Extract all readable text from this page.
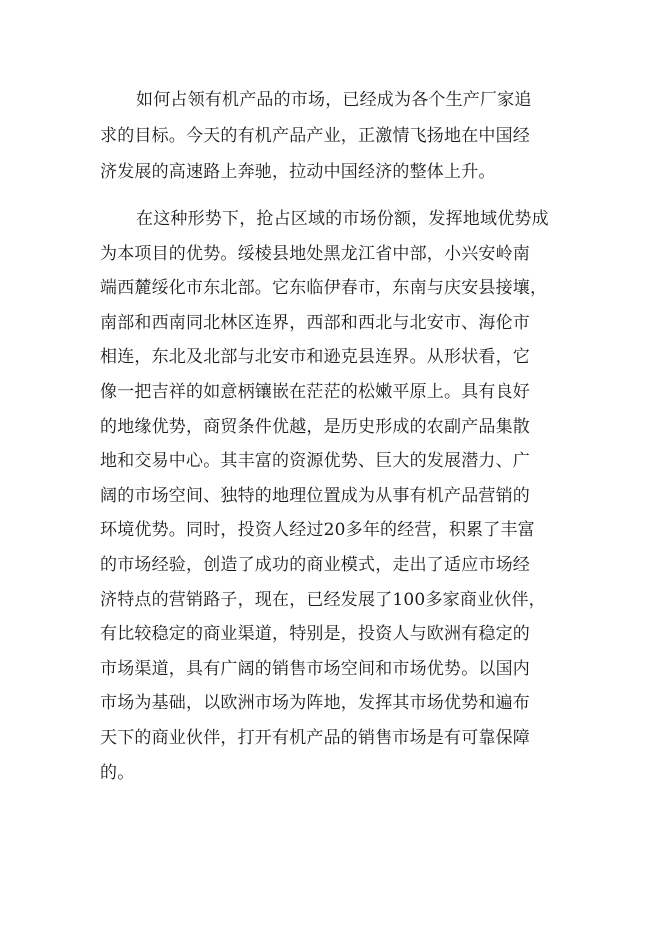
如何占领有机产品的市场，已经成为各个生产厂家追
求的目标。今天的有机产品产业，正激情飞扬地在中国经
济发展的高速路上奔驰，拉动中国经济的整体上升。
在这种形势下，抢占区域的市场份额，发挥地域优势成
为本项目的优势。绥棱县地处黑龙江省中部，小兴安岭南
端西麓绥化市东北部。它东临伊春市，东南与庆安县接壤，
南部和西南同北林区连界，西部和西北与北安市、海伦市
相连，东北及北部与北安市和逊克县连界。从形状看，它
像一把吉祥的如意柄镶嵌在茫茫的松嫩平原上。具有良好
的地缘优势，商贸条件优越，是历史形成的农副产品集散
地和交易中心。其丰富的资源优势、巨大的发展潜力、广
阔的市场空间、独特的地理位置成为从事有机产品营销的
环境优势。同时，投资人经过20多年的经营，积累了丰富
的市场经验，创造了成功的商业模式，走出了适应市场经
济特点的营销路子，现在，已经发展了100多家商业伙伴，
有比较稳定的商业渠道，特别是，投资人与欧洲有稳定的
市场渠道，具有广阔的销售市场空间和市场优势。以国内
市场为基础，以欧洲市场为阵地，发挥其市场优势和遍布
天下的商业伙伴，打开有机产品的销售市场是有可靠保障
的。
